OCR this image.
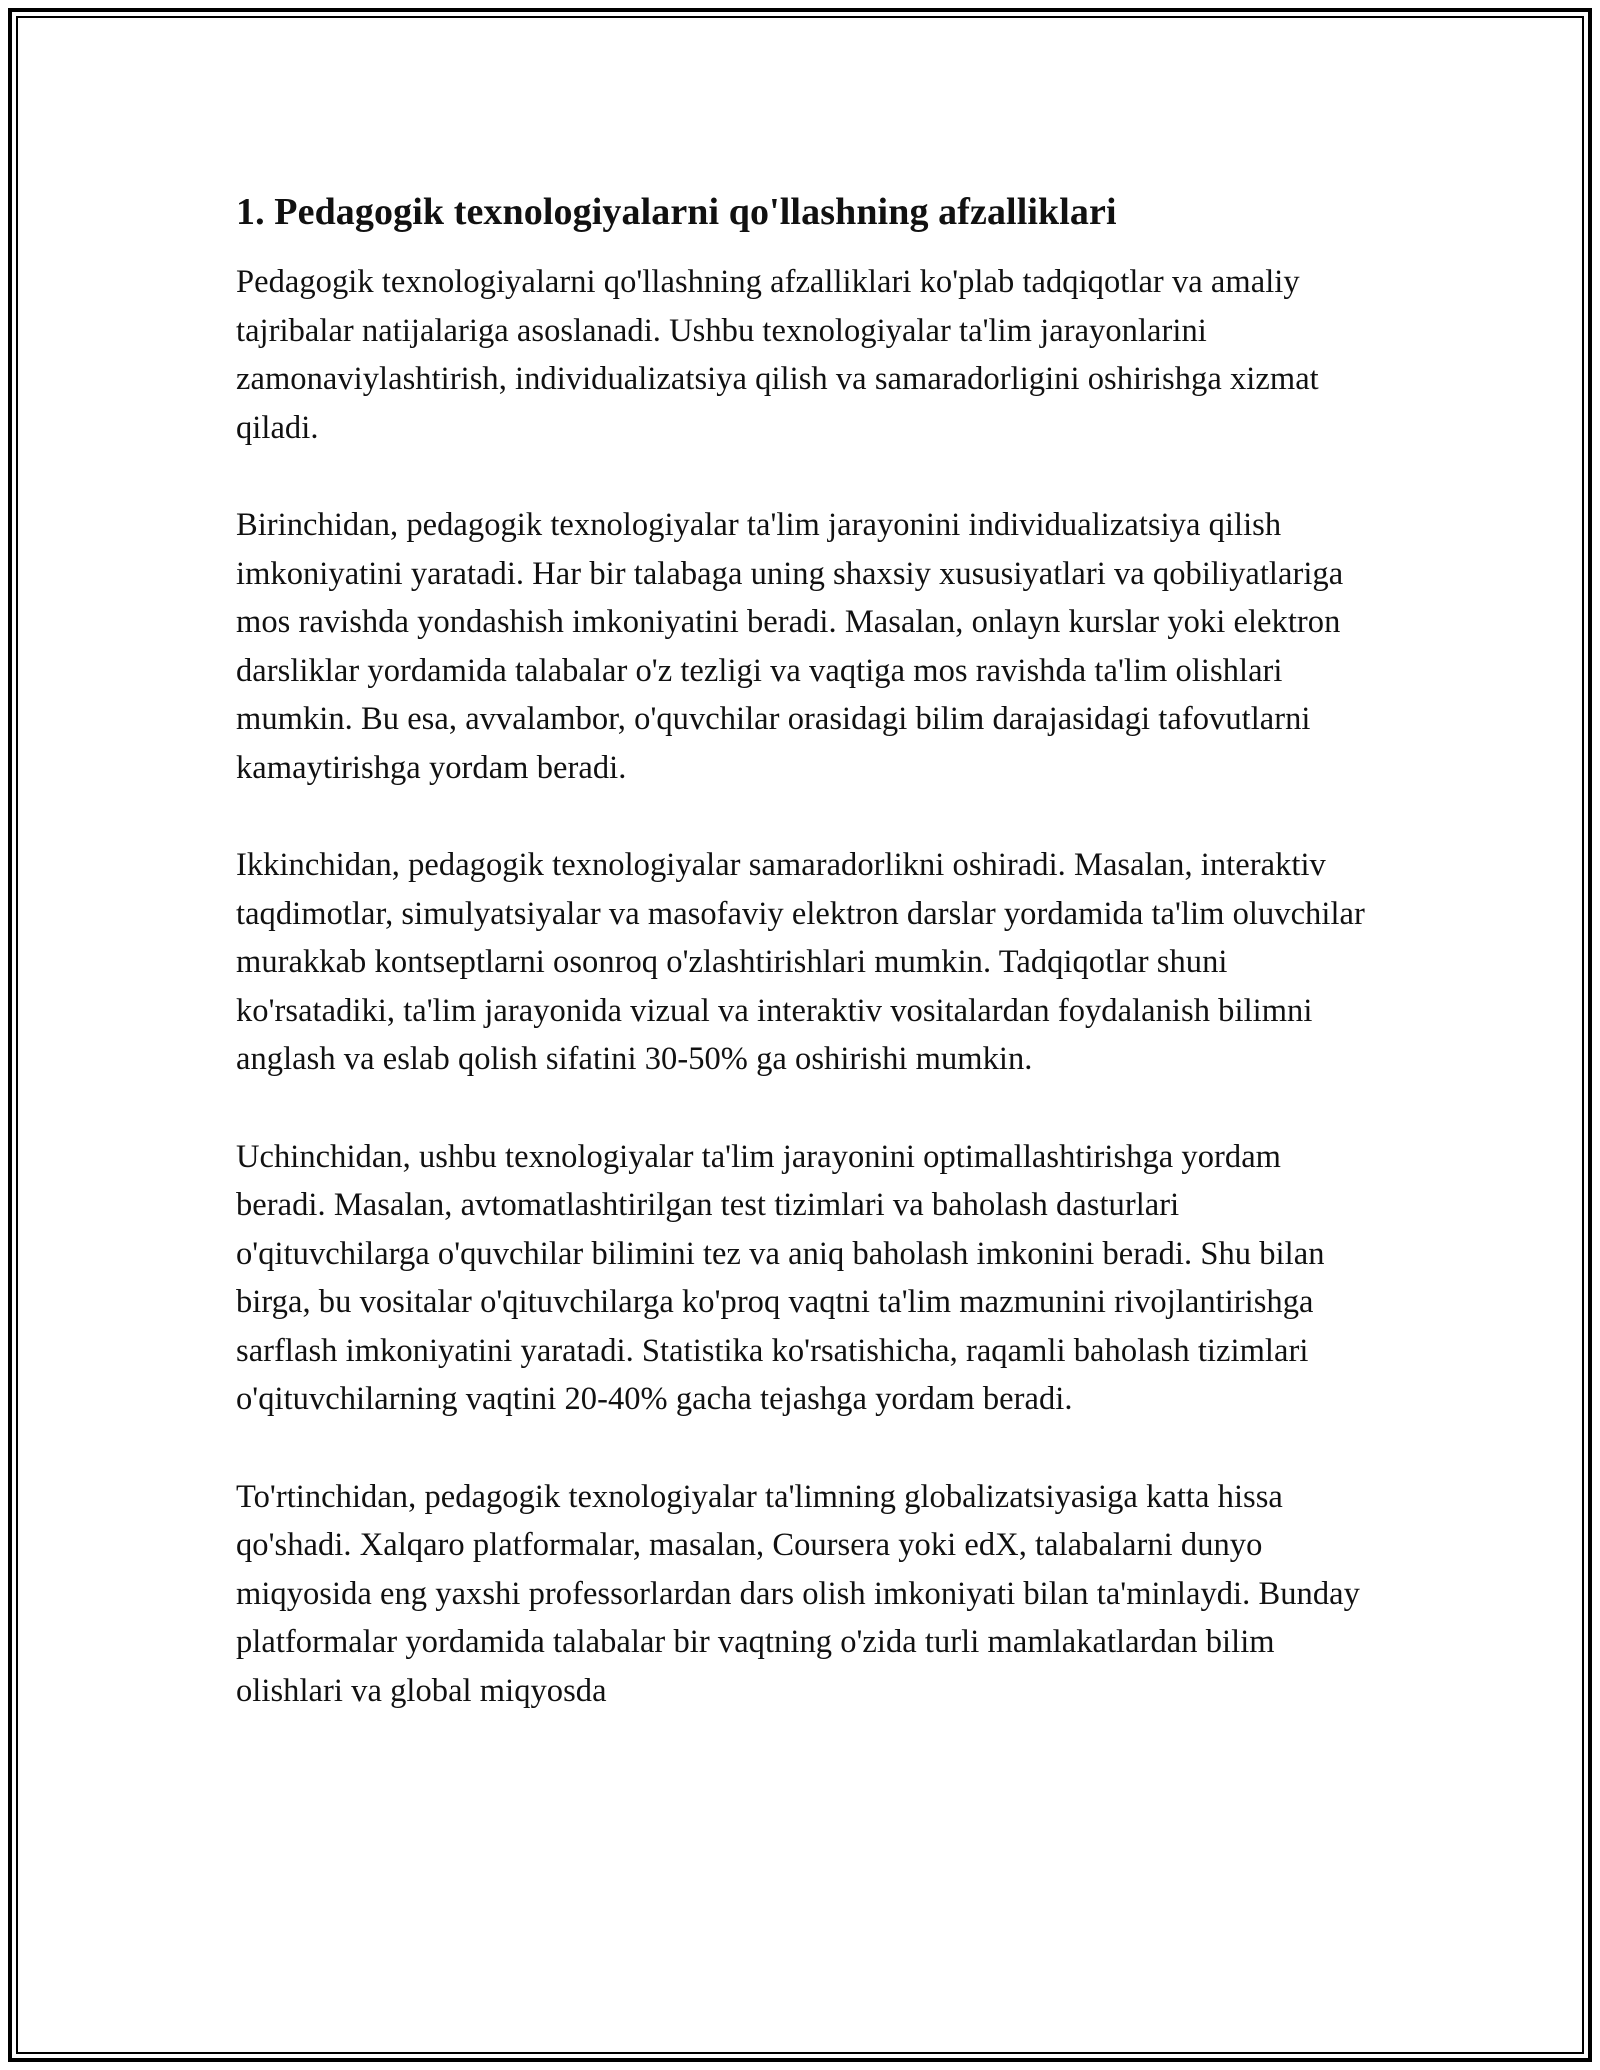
1. Pedagogik texnologiyalarni qo'llashning afzalliklari

Pedagogik texnologiyalarni qo'llashning afzalliklari ko'plab tadqiqotlar va amaliy tajribalar natijalariga asoslanadi. Ushbu texnologiyalar ta'lim jarayonlarini zamonaviylashtirish, individualizatsiya qilish va samaradorligini oshirishga xizmat qiladi.

Birinchidan, pedagogik texnologiyalar ta'lim jarayonini individualizatsiya qilish imkoniyatini yaratadi. Har bir talabaga uning shaxsiy xususiyatlari va qobiliyatlariga mos ravishda yondashish imkoniyatini beradi. Masalan, onlayn kurslar yoki elektron darsliklar yordamida talabalar o'z tezligi va vaqtiga mos ravishda ta'lim olishlari mumkin. Bu esa, avvalambor, o'quvchilar orasidagi bilim darajasidagi tafovutlarni kamaytirishga yordam beradi.

Ikkinchidan, pedagogik texnologiyalar samaradorlikni oshiradi. Masalan, interaktiv taqdimotlar, simulyatsiyalar va masofaviy elektron darslar yordamida ta'lim oluvchilar murakkab kontseptlarni osonroq o'zlashtirishlari mumkin. Tadqiqotlar shuni ko'rsatadiki, ta'lim jarayonida vizual va interaktiv vositalardan foydalanish bilimni anglash va eslab qolish sifatini 30-50% ga oshirishi mumkin.

Uchinchidan, ushbu texnologiyalar ta'lim jarayonini optimallashtirishga yordam beradi. Masalan, avtomatlashtirilgan test tizimlari va baholash dasturlari o'qituvchilarga o'quvchilar bilimini tez va aniq baholash imkonini beradi. Shu bilan birga, bu vositalar o'qituvchilarga ko'proq vaqtni ta'lim mazmunini rivojlantirishga sarflash imkoniyatini yaratadi. Statistika ko'rsatishicha, raqamli baholash tizimlari o'qituvchilarning vaqtini 20-40% gacha tejashga yordam beradi.

To'rtinchidan, pedagogik texnologiyalar ta'limning globalizatsiyasiga katta hissa qo'shadi. Xalqaro platformalar, masalan, Coursera yoki edX, talabalarni dunyo miqyosida eng yaxshi professorlardan dars olish imkoniyati bilan ta'minlaydi. Bunday platformalar yordamida talabalar bir vaqtning o'zida turli mamlakatlardan bilim olishlari va global miqyosda
